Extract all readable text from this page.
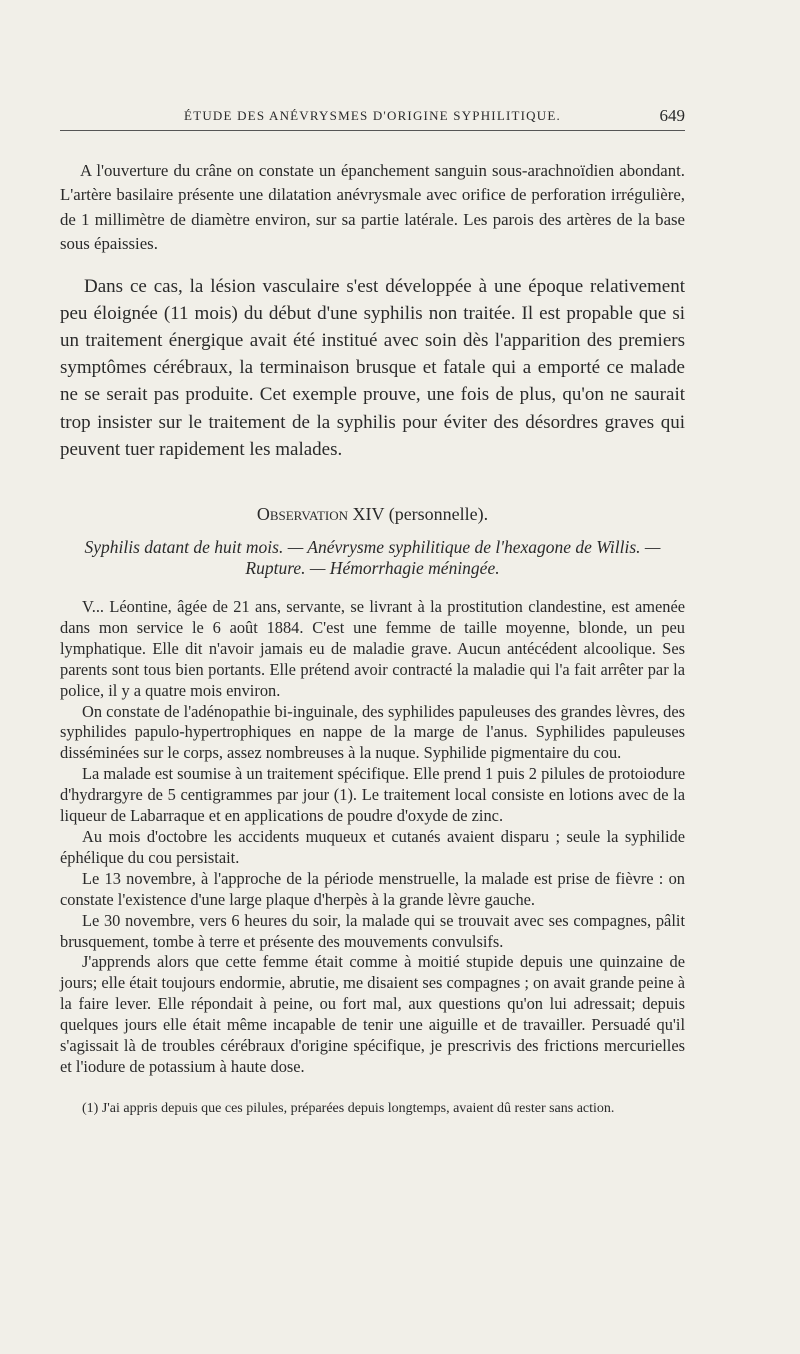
ÉTUDE DES ANÉVRYSMES D'ORIGINE SYPHILITIQUE.	649

A l'ouverture du crâne on constate un épanchement sanguin sous-arachnoïdien abondant. L'artère basilaire présente une dilatation anévrysmale avec orifice de perforation irrégulière, de 1 millimètre de diamètre environ, sur sa partie latérale. Les parois des artères de la base sous épaissies.

Dans ce cas, la lésion vasculaire s'est développée à une époque relativement peu éloignée (11 mois) du début d'une syphilis non traitée. Il est propable que si un traitement énergique avait été institué avec soin dès l'apparition des premiers symptômes cérébraux, la terminaison brusque et fatale qui a emporté ce malade ne se serait pas produite. Cet exemple prouve, une fois de plus, qu'on ne saurait trop insister sur le traitement de la syphilis pour éviter des désordres graves qui peuvent tuer rapidement les malades.

Observation XIV (personnelle).
Syphilis datant de huit mois. — Anévrysme syphilitique de l'hexagone de Willis. — Rupture. — Hémorrhagie méningée.

V... Léontine, âgée de 21 ans, servante, se livrant à la prostitution clandestine, est amenée dans mon service le 6 août 1884. C'est une femme de taille moyenne, blonde, un peu lymphatique. Elle dit n'avoir jamais eu de maladie grave. Aucun antécédent alcoolique. Ses parents sont tous bien portants. Elle prétend avoir contracté la maladie qui l'a fait arrêter par la police, il y a quatre mois environ.

On constate de l'adénopathie bi-inguinale, des syphilides papuleuses des grandes lèvres, des syphilides papulo-hypertrophiques en nappe de la marge de l'anus. Syphilides papuleuses disséminées sur le corps, assez nombreuses à la nuque. Syphilide pigmentaire du cou.

La malade est soumise à un traitement spécifique. Elle prend 1 puis 2 pilules de protoiodure d'hydrargyre de 5 centigrammes par jour (1). Le traitement local consiste en lotions avec de la liqueur de Labarraque et en applications de poudre d'oxyde de zinc.

Au mois d'octobre les accidents muqueux et cutanés avaient disparu ; seule la syphilide éphélique du cou persistait.

Le 13 novembre, à l'approche de la période menstruelle, la malade est prise de fièvre : on constate l'existence d'une large plaque d'herpès à la grande lèvre gauche.

Le 30 novembre, vers 6 heures du soir, la malade qui se trouvait avec ses compagnes, pâlit brusquement, tombe à terre et présente des mouvements convulsifs.

J'apprends alors que cette femme était comme à moitié stupide depuis une quinzaine de jours; elle était toujours endormie, abrutie, me disaient ses compagnes ; on avait grande peine à la faire lever. Elle répondait à peine, ou fort mal, aux questions qu'on lui adressait; depuis quelques jours elle était même incapable de tenir une aiguille et de travailler. Persuadé qu'il s'agissait là de troubles cérébraux d'origine spécifique, je prescrivis des frictions mercurielles et l'iodure de potassium à haute dose.

(1) J'ai appris depuis que ces pilules, préparées depuis longtemps, avaient dû rester sans action.
